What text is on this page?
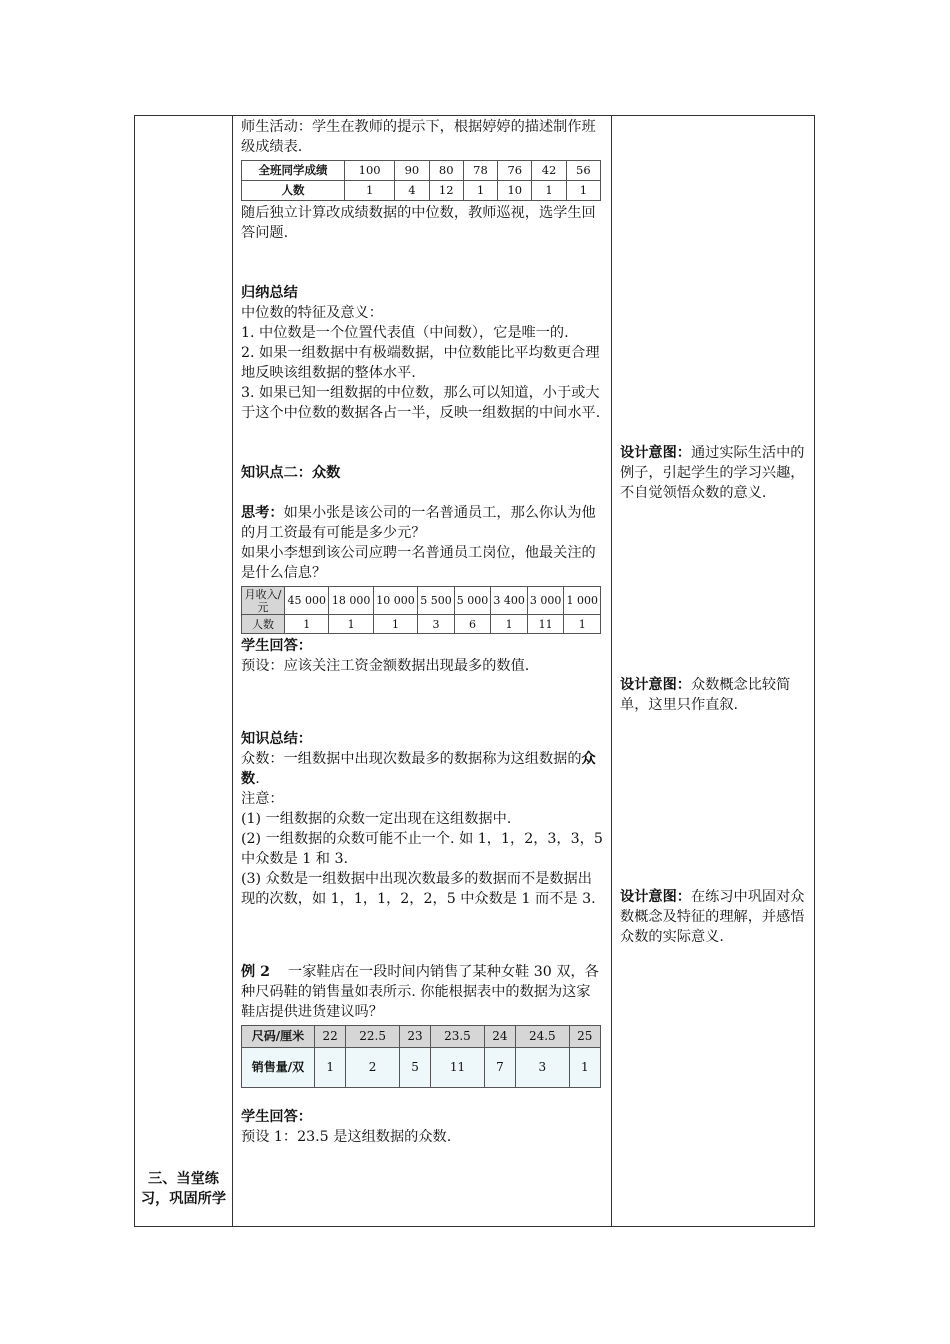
三、当堂练习，巩固所学

师生活动：学生在教师的提示下，根据婷婷的描述制作班级成绩表.

全班同学成绩	100	90	80	78	76	42	56
人数	1	4	12	1	10	1	1

随后独立计算改成绩数据的中位数，教师巡视，选学生回答问题.

归纳总结

中位数的特征及意义：

1. 中位数是一个位置代表值（中间数），它是唯一的.

2. 如果一组数据中有极端数据，中位数能比平均数更合理地反映该组数据的整体水平.

3. 如果已知一组数据的中位数，那么可以知道，小于或大于这个中位数的数据各占一半，反映一组数据的中间水平.

知识点二：众数

思考：如果小张是该公司的一名普通员工，那么你认为他的月工资最有可能是多少元？

如果小李想到该公司应聘一名普通员工岗位，他最关注的是什么信息？

月收入/元	45 000	18 000	10 000	5 500	5 000	3 400	3 000	1 000
人数	1	1	1	3	6	1	11	1

学生回答：

预设：应该关注工资金额数据出现最多的数值.

知识总结：

众数：一组数据中出现次数最多的数据称为这组数据的众数.

注意：

(1) 一组数据的众数一定出现在这组数据中.

(2) 一组数据的众数可能不止一个. 如 1，1，2，3，3，5 中众数是 1 和 3.

(3) 众数是一组数据中出现次数最多的数据而不是数据出现的次数，如 1，1，1，2，2，5 中众数是 1 而不是 3.

例 2 一家鞋店在一段时间内销售了某种女鞋 30 双，各种尺码鞋的销售量如表所示. 你能根据表中的数据为这家鞋店提供进货建议吗？

尺码/厘米	22	22.5	23	23.5	24	24.5	25
销售量/双	1	2	5	11	7	3	1

学生回答：

预设 1：23.5 是这组数据的众数.

设计意图：通过实际生活中的例子，引起学生的学习兴趣，不自觉领悟众数的意义.

设计意图：众数概念比较简单，这里只作直叙.

设计意图：在练习中巩固对众数概念及特征的理解，并感悟众数的实际意义.
